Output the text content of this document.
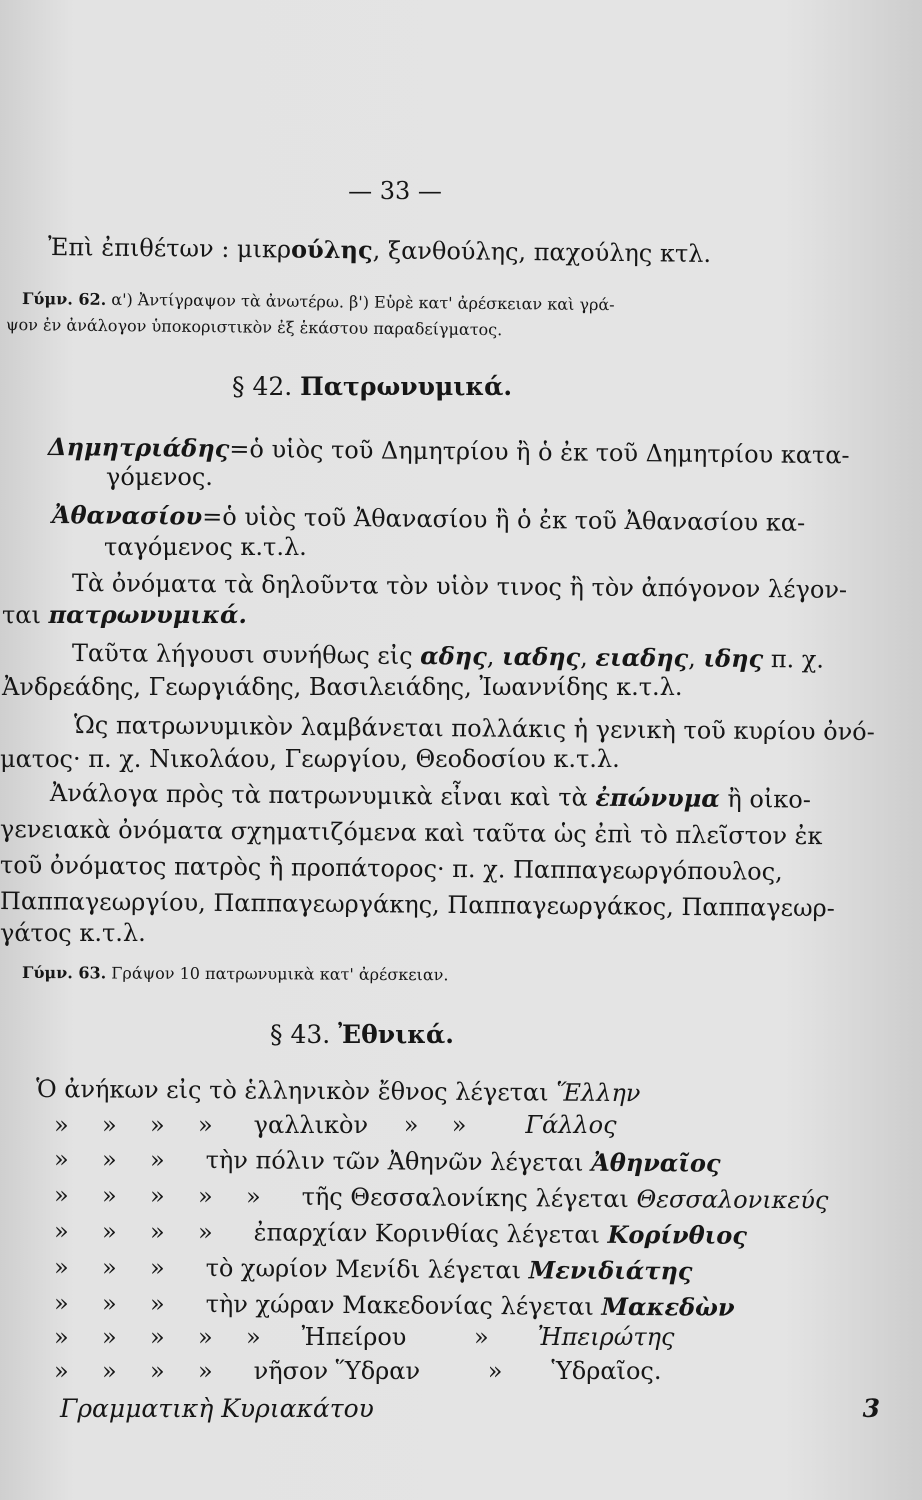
— 33 —
Ἐπὶ ἐπιθέτων : μικρούλης, ξανθούλης, παχούλης κτλ.
Γύμν. 62. α') Ἀντίγραψον τὰ ἀνωτέρω. β') Εὑρὲ κατ' ἀρέσκειαν καὶ γρά-
ψον ἐν ἀνάλογον ὑποκοριστικὸν ἐξ ἑκάστου παραδείγματος.
§ 42. Πατρωνυμικά.
Δημητριάδης=ὁ υἱὸς τοῦ Δημητρίου ἢ ὁ ἐκ τοῦ Δημητρίου κατα-
γόμενος.
Ἀθανασίου=ὁ υἱὸς τοῦ Ἀθανασίου ἢ ὁ ἐκ τοῦ Ἀθανασίου κα-
ταγόμενος κ.τ.λ.
Τὰ ὀνόματα τὰ δηλοῦντα τὸν υἱὸν τινος ἢ τὸν ἀπόγονον λέγον-
ται πατρωνυμικά.
Ταῦτα λήγουσι συνήθως εἰς αδης, ιαδης, ειαδης, ιδης π. χ.
Ἀνδρεάδης, Γεωργιάδης, Βασιλειάδης, Ἰωαννίδης κ.τ.λ.
Ὡς πατρωνυμικὸν λαμβάνεται πολλάκις ἡ γενικὴ τοῦ κυρίου ὀνό-
ματος· π. χ. Νικολάου, Γεωργίου, Θεοδοσίου κ.τ.λ.
Ἀνάλογα πρὸς τὰ πατρωνυμικὰ εἶναι καὶ τὰ ἐπώνυμα ἢ οἰκο-
γενειακὰ ὀνόματα σχηματιζόμενα καὶ ταῦτα ὡς ἐπὶ τὸ πλεῖστον ἐκ
τοῦ ὀνόματος πατρὸς ἢ προπάτορος· π. χ. Παππαγεωργόπουλος,
Παππαγεωργίου, Παππαγεωργάκης, Παππαγεωργάκος, Παππαγεωρ-
γάτος κ.τ.λ.
Γύμν. 63. Γράψον 10 πατρωνυμικὰ κατ' ἀρέσκειαν.
§ 43. Ἐθνικά.
Ὁ ἀνήκων εἰς τὸ ἑλληνικὸν ἔθνος λέγεται Ἕλλην
» » » » γαλλικὸν » » Γάλλος
» » » τὴν πόλιν τῶν Ἀθηνῶν λέγεται Ἀθηναῖος
» » » » » τῆς Θεσσαλονίκης λέγεται Θεσσαλονικεύς
» » » » ἐπαρχίαν Κορινθίας λέγεται Κορίνθιος
» » » τὸ χωρίον Μενίδι λέγεται Μενιδιάτης
» » » τὴν χώραν Μακεδονίας λέγεται Μακεδὼν
» » » » » Ἠπείρου	» Ἠπειρώτης
» » » » νῆσον Ὕδραν	» Ὑδραῖος.
Γραμματικὴ Κυριακάτου	3
